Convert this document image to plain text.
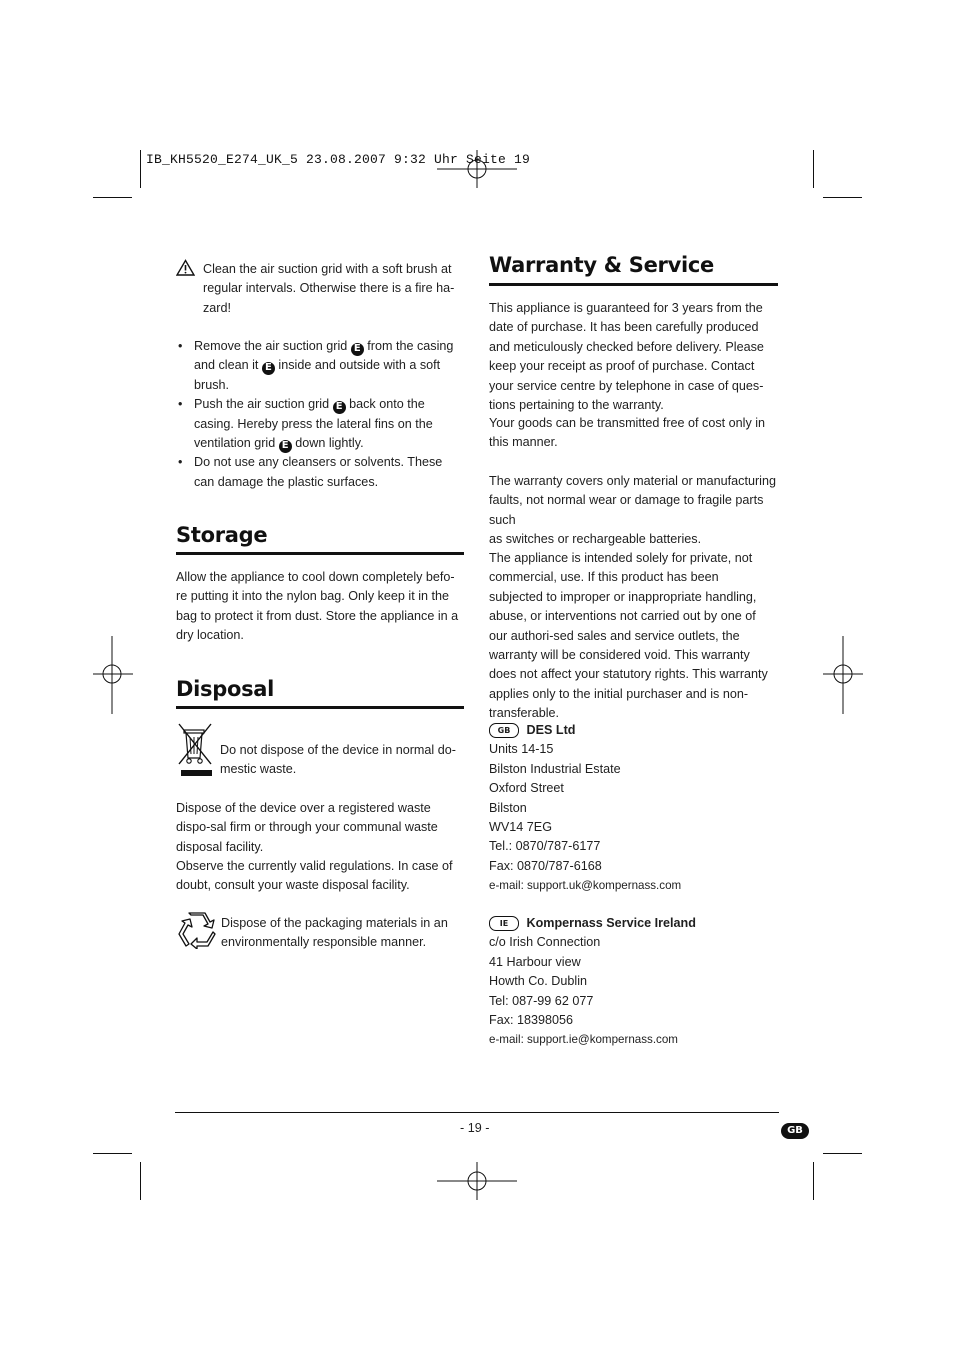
IB_KH5520_E274_UK_5 23.08.2007 9:32 Uhr Seite 19
Clean the air suction grid with a soft brush at regular intervals. Otherwise there is a fire ha-zard!
• Remove the air suction grid E from the casing and clean it E inside and outside with a soft brush.
• Push the air suction grid E back onto the casing. Hereby press the lateral fins on the ventilation grid E down lightly.
• Do not use any cleansers or solvents. These can damage the plastic surfaces.
Storage
Allow the appliance to cool down completely befo-re putting it into the nylon bag. Only keep it in the bag to protect it from dust. Store the appliance in a dry location.
Disposal
Do not dispose of the device in normal do-mestic waste.
Dispose of the device over a registered waste dispo-sal firm or through your communal waste disposal facility.
Observe the currently valid regulations. In case of doubt, consult your waste disposal facility.
Dispose of the packaging materials in an environmentally responsible manner.
Warranty & Service
This appliance is guaranteed for 3 years from the date of purchase. It has been carefully produced and meticulously checked before delivery. Please keep your receipt as proof of purchase. Contact your service centre by telephone in case of ques-tions pertaining to the warranty.
Your goods can be transmitted free of cost only in this manner.
The warranty covers only material or manufacturing faults, not normal wear or damage to fragile parts such
as switches or rechargeable batteries.
The appliance is intended solely for private, not commercial, use. If this product has been subjected to improper or inappropriate handling, abuse, or interventions not carried out by one of our authori-sed sales and service outlets, the warranty will be considered void. This warranty does not affect your statutory rights. This warranty applies only to the initial purchaser and is non-transferable.
GB DES Ltd
Units 14-15
Bilston Industrial Estate
Oxford Street
Bilston
WV14 7EG
Tel.: 0870/787-6177
Fax: 0870/787-6168
e-mail: support.uk@kompernass.com
IE Kompernass Service Ireland
c/o Irish Connection
41 Harbour view
Howth Co. Dublin
Tel: 087-99 62 077
Fax: 18398056
e-mail: support.ie@kompernass.com
- 19 -	GB
